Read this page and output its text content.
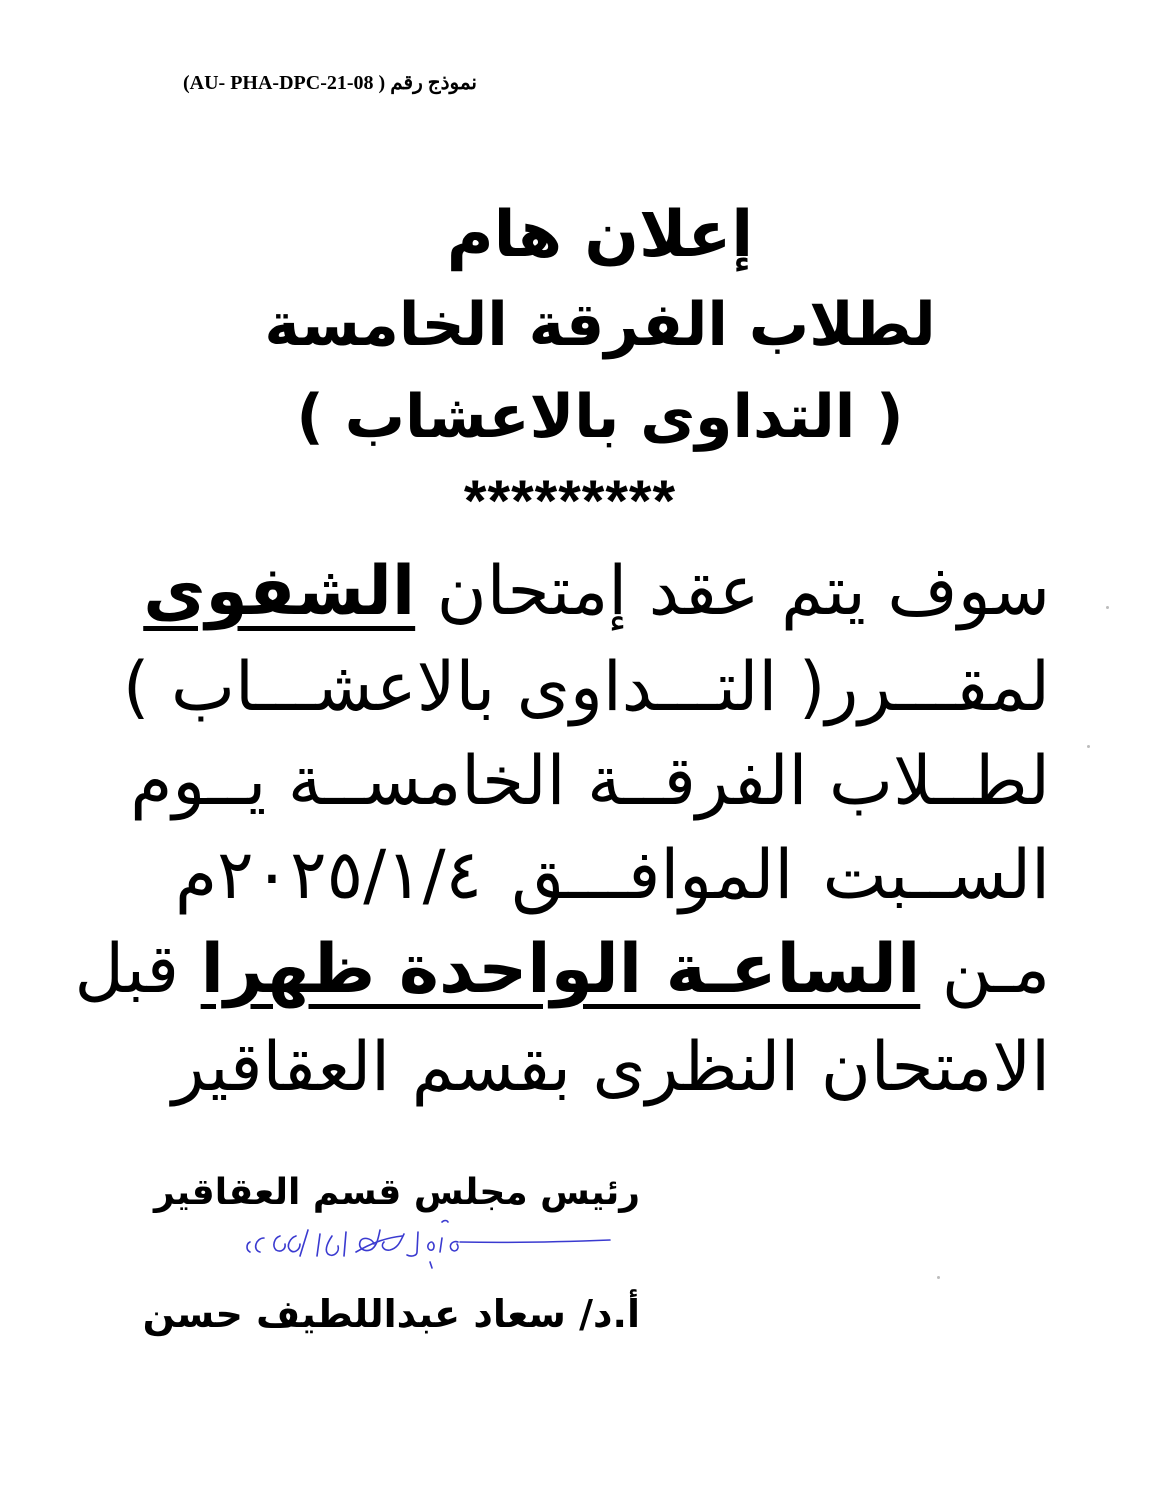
نموذج رقم ( AU- PHA-DPC-21-08)
إعلان هام
لطلاب الفرقة الخامسة
( التداوى بالاعشاب )
*********
سوف يتم عقد إمتحان الشفوى
لمقـــرر( التـــداوى بالاعشـــاب )
لطــلاب الفرقــة الخامســة يــوم
الســبت الموافـــق ٢٠٢٥/١/٤م
مـن الساعـة الواحدة ظهرا قبل
الامتحان النظرى بقسم العقاقير
رئيس مجلس قسم العقاقير
أ.د/ سعاد عبداللطيف حسن
